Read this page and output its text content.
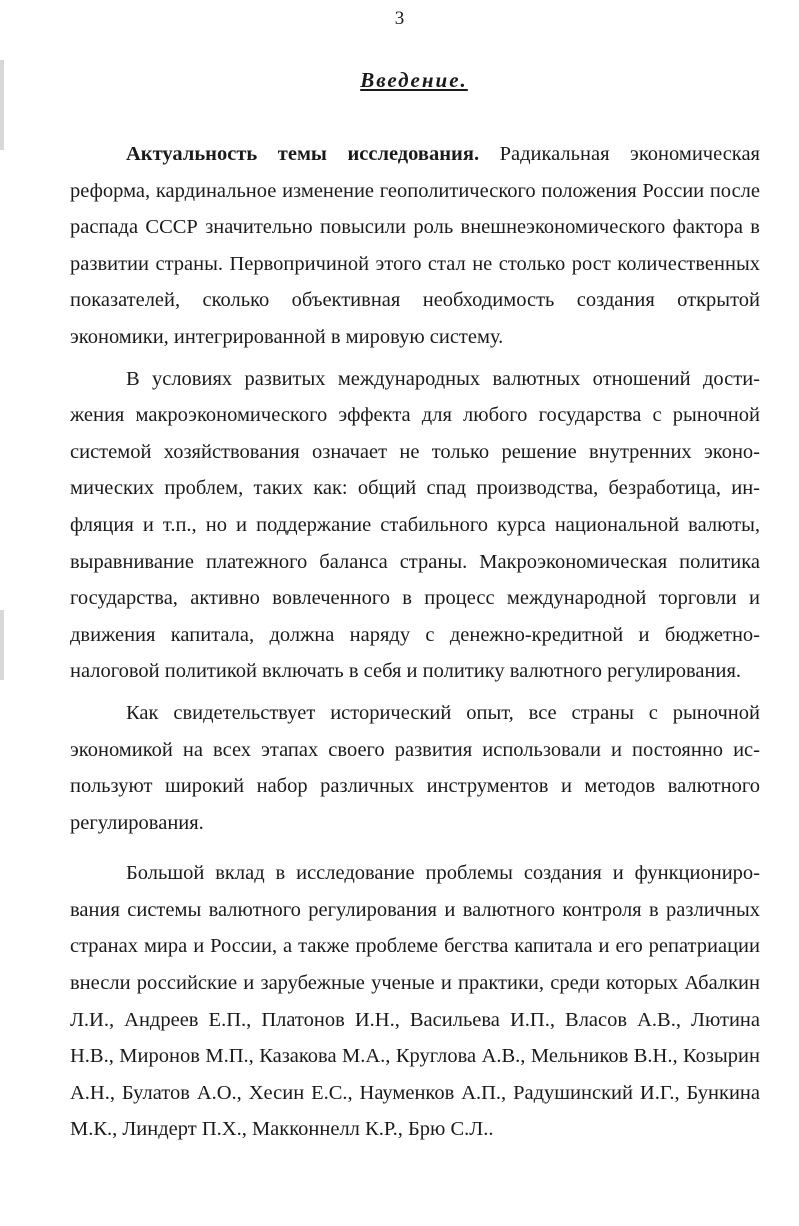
3
Введение.

Актуальность темы исследования. Радикальная экономическая реформа, кардинальное изменение геополитического положения России после распада СССР значительно повысили роль внешнеэкономического фактора в развитии страны. Первопричиной этого стал не столько рост количественных показателей, сколько объективная необходимость создания открытой экономики, интегрированной в мировую систему.

В условиях развитых международных валютных отношений достижения макроэкономического эффекта для любого государства с рыночной системой хозяйствования означает не только решение внутренних экономических проблем, таких как: общий спад производства, безработица, инфляция и т.п., но и поддержание стабильного курса национальной валюты, выравнивание платежного баланса страны. Макроэкономическая политика государства, активно вовлеченного в процесс международной торговли и движения капитала, должна наряду с денежно-кредитной и бюджетно-налоговой политикой включать в себя и политику валютного регулирования.

Как свидетельствует исторический опыт, все страны с рыночной экономикой на всех этапах своего развития использовали и постоянно используют широкий набор различных инструментов и методов валютного регулирования.

Большой вклад в исследование проблемы создания и функционирования системы валютного регулирования и валютного контроля в различных странах мира и России, а также проблеме бегства капитала и его репатриации внесли российские и зарубежные ученые и практики, среди которых Абалкин Л.И., Андреев Е.П., Платонов И.Н., Васильева И.П., Власов А.В., Лютина Н.В., Миронов М.П., Казакова М.А., Круглова А.В., Мельников В.Н., Козырин А.Н., Булатов А.О., Хесин Е.С., Науменков А.П., Радушинский И.Г., Бункина М.К., Линдерт П.Х., Макконнелл К.Р., Брю С.Л..
